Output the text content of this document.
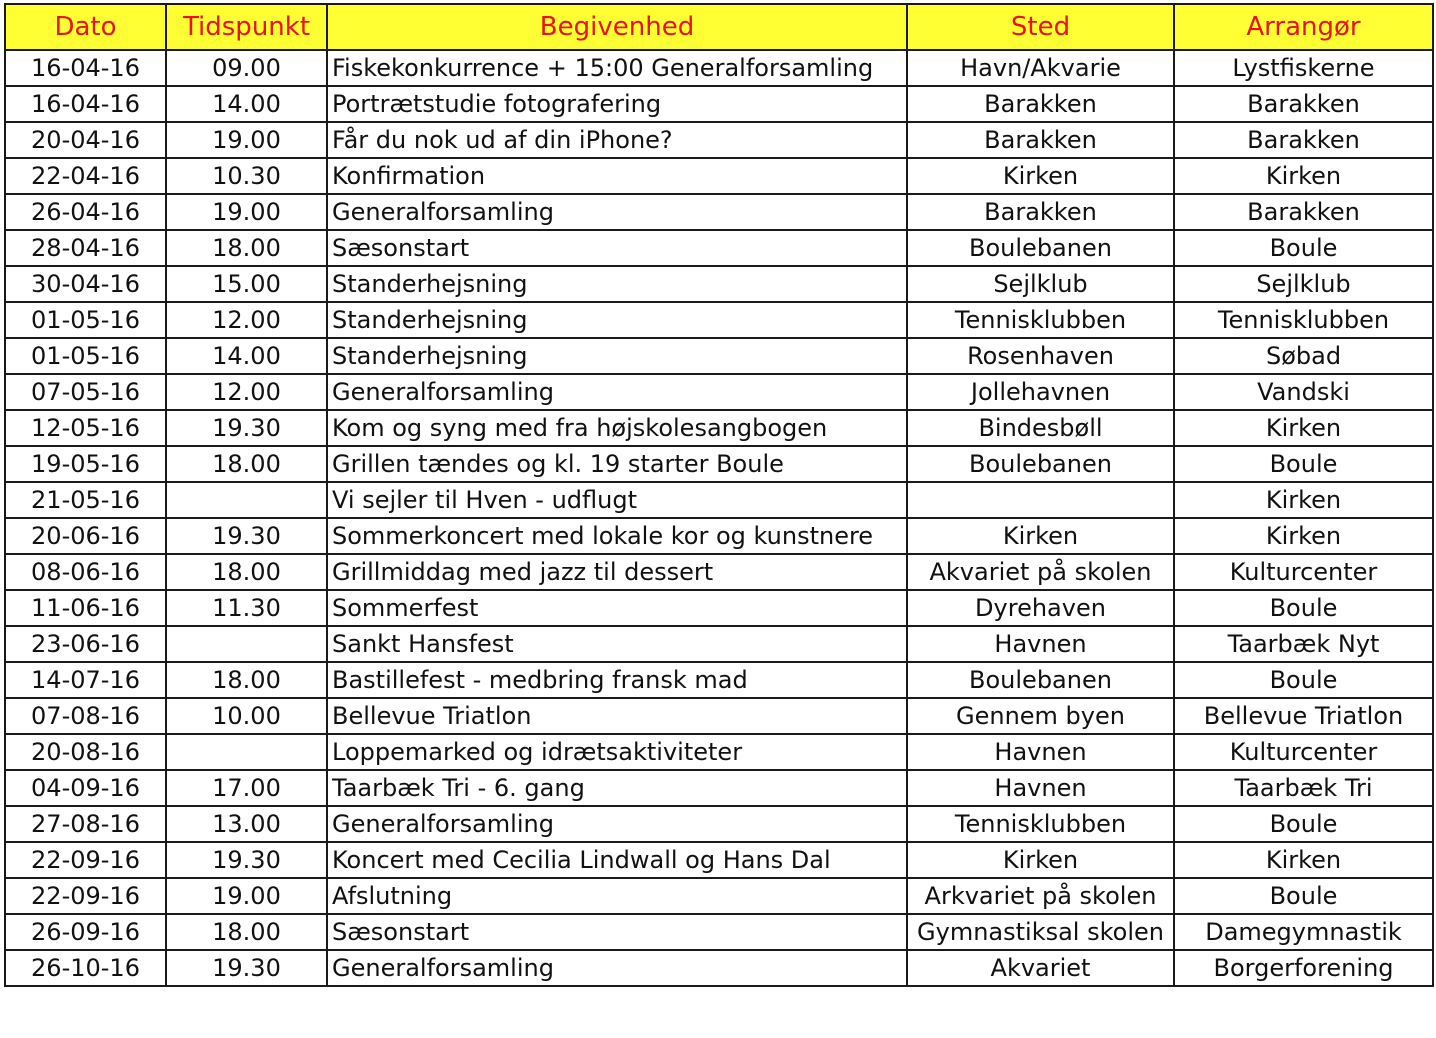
Dato	Tidspunkt	Begivenhed	Sted	Arrangør
16-04-16	09.00	Fiskekonkurrence + 15:00 Generalforsamling	Havn/Akvarie	Lystfiskerne
16-04-16	14.00	Portrætstudie fotografering	Barakken	Barakken
20-04-16	19.00	Får du nok ud af din iPhone?	Barakken	Barakken
22-04-16	10.30	Konfirmation	Kirken	Kirken
26-04-16	19.00	Generalforsamling	Barakken	Barakken
28-04-16	18.00	Sæsonstart	Boulebanen	Boule
30-04-16	15.00	Standerhejsning	Sejlklub	Sejlklub
01-05-16	12.00	Standerhejsning	Tennisklubben	Tennisklubben
01-05-16	14.00	Standerhejsning	Rosenhaven	Søbad
07-05-16	12.00	Generalforsamling	Jollehavnen	Vandski
12-05-16	19.30	Kom og syng med fra højskolesangbogen	Bindesbøll	Kirken
19-05-16	18.00	Grillen tændes og kl. 19 starter Boule	Boulebanen	Boule
21-05-16		Vi sejler til Hven - udflugt		Kirken
20-06-16	19.30	Sommerkoncert med lokale kor og kunstnere	Kirken	Kirken
08-06-16	18.00	Grillmiddag med jazz til dessert	Akvariet på skolen	Kulturcenter
11-06-16	11.30	Sommerfest	Dyrehaven	Boule
23-06-16		Sankt Hansfest	Havnen	Taarbæk Nyt
14-07-16	18.00	Bastillefest - medbring fransk mad	Boulebanen	Boule
07-08-16	10.00	Bellevue Triatlon	Gennem byen	Bellevue Triatlon
20-08-16		Loppemarked og idrætsaktiviteter	Havnen	Kulturcenter
04-09-16	17.00	Taarbæk Tri - 6. gang	Havnen	Taarbæk Tri
27-08-16	13.00	Generalforsamling	Tennisklubben	Boule
22-09-16	19.30	Koncert med Cecilia Lindwall og Hans Dal	Kirken	Kirken
22-09-16	19.00	Afslutning	Arkvariet på skolen	Boule
26-09-16	18.00	Sæsonstart	Gymnastiksal skolen	Damegymnastik
26-10-16	19.30	Generalforsamling	Akvariet	Borgerforening
